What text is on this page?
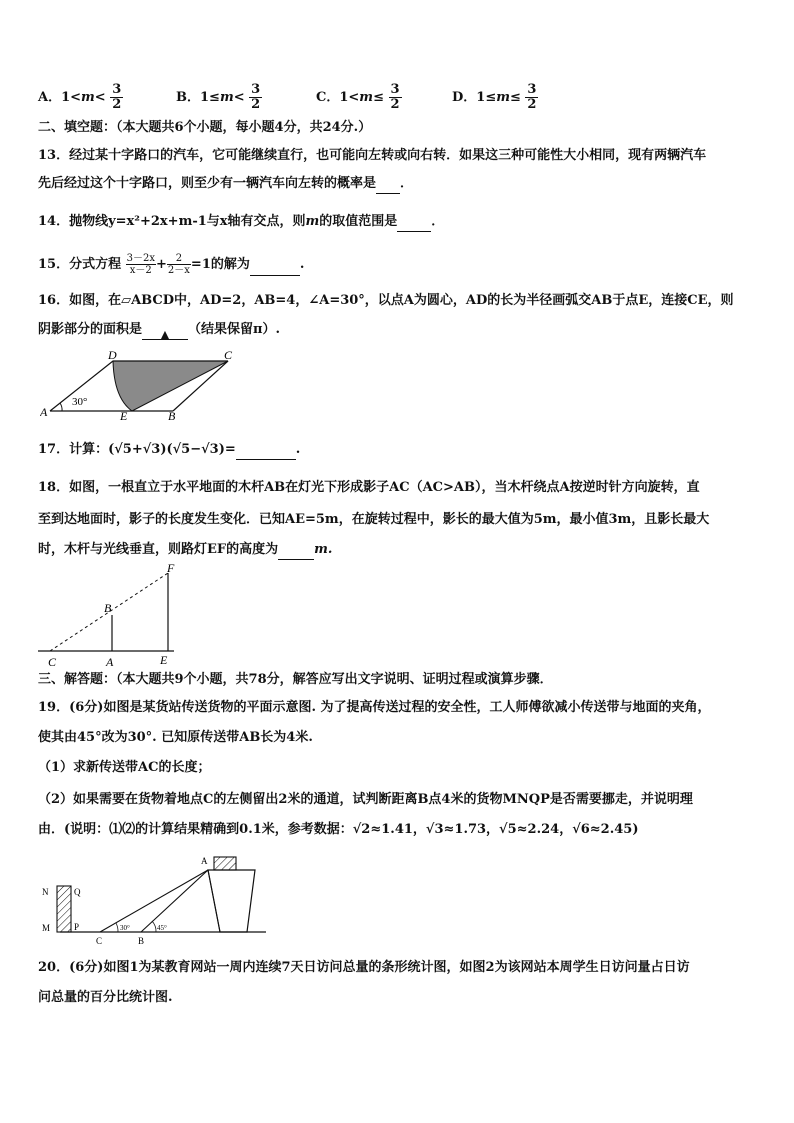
A．$1<m< \frac{3}{2}$	B．$1\le m< \frac{3}{2}$	C．$1<m\le \frac{3}{2}$	D．$1\le m\le \frac{3}{2}$
二、填空题：（本大题共6个小题，每小题4分，共24分.）
13．经过某十字路口的汽车，它可能继续直行，也可能向左转或向右转．如果这三种可能性大小相同，现有两辆汽车
先后经过这个十字路口，则至少有一辆汽车向左转的概率是 ．
14．抛物线y=x²+2x+m-1与x轴有交点，则m的取值范围是	．
15．分式方程 $\frac{3-2x}{x-2} + \frac{2}{2-x} =1$的解为	.
16．如图，在▱ABCD中，AD=2，AB=4，∠A=30°，以点A为圆心，AD的长为半径画弧交AB于点E，连接CE，则
阴影部分的面积是 ▲ （结果保留π）.
D	C
A	E	B
30°
17．计算：(√5+√3)(√5−√3)=	.
18．如图，一根直立于水平地面的木杆AB在灯光下形成影子AC（AC>AB），当木杆绕点A按逆时针方向旋转，直
至到达地面时，影子的长度发生变化．已知AE=5m，在旋转过程中，影长的最大值为5m，最小值3m，且影长最大
时，木杆与光线垂直，则路灯EF的高度为	m.
F
B
C	A	E
三、解答题：（本大题共9个小题，共78分，解答应写出文字说明、证明过程或演算步骤．
19．(6分)如图是某货站传送货物的平面示意图. 为了提高传送过程的安全性，工人师傅欲减小传送带与地面的夹角，
使其由45°改为30°. 已知原传送带AB长为4米.
（1）求新传送带AC的长度；
（2）如果需要在货物着地点C的左侧留出2米的通道，试判断距离B点4米的货物MNQP是否需要挪走，并说明理
由．(说明：⑴⑵的计算结果精确到0.1米，参考数据：√2≈1.41，√3≈1.73，√5≈2.24，√6≈2.45)
A
N	Q
M	P
C	B
30°	45°
20．(6分)如图1为某教育网站一周内连续7天日访问总量的条形统计图，如图2为该网站本周学生日访问量占日访
问总量的百分比统计图.
